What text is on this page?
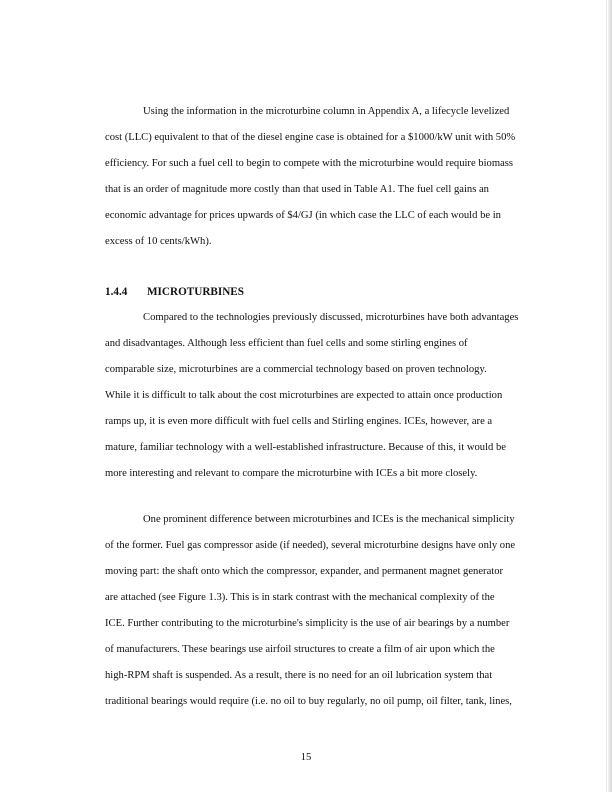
Using the information in the microturbine column in Appendix A, a lifecycle levelized

cost (LLC) equivalent to that of the diesel engine case is obtained for a $1000/kW unit with 50%

efficiency. For such a fuel cell to begin to compete with the microturbine would require biomass

that is an order of magnitude more costly than that used in Table A1. The fuel cell gains an

economic advantage for prices upwards of $4/GJ (in which case the LLC of each would be in

excess of 10 cents/kWh).

1.4.4 MICROTURBINES

Compared to the technologies previously discussed, microturbines have both advantages

and disadvantages. Although less efficient than fuel cells and some stirling engines of

comparable size, microturbines are a commercial technology based on proven technology.

While it is difficult to talk about the cost microturbines are expected to attain once production

ramps up, it is even more difficult with fuel cells and Stirling engines. ICEs, however, are a

mature, familiar technology with a well-established infrastructure. Because of this, it would be

more interesting and relevant to compare the microturbine with ICEs a bit more closely.

One prominent difference between microturbines and ICEs is the mechanical simplicity

of the former. Fuel gas compressor aside (if needed), several microturbine designs have only one

moving part: the shaft onto which the compressor, expander, and permanent magnet generator

are attached (see Figure 1.3). This is in stark contrast with the mechanical complexity of the

ICE. Further contributing to the microturbine's simplicity is the use of air bearings by a number

of manufacturers. These bearings use airfoil structures to create a film of air upon which the

high-RPM shaft is suspended. As a result, there is no need for an oil lubrication system that

traditional bearings would require (i.e. no oil to buy regularly, no oil pump, oil filter, tank, lines,

15
